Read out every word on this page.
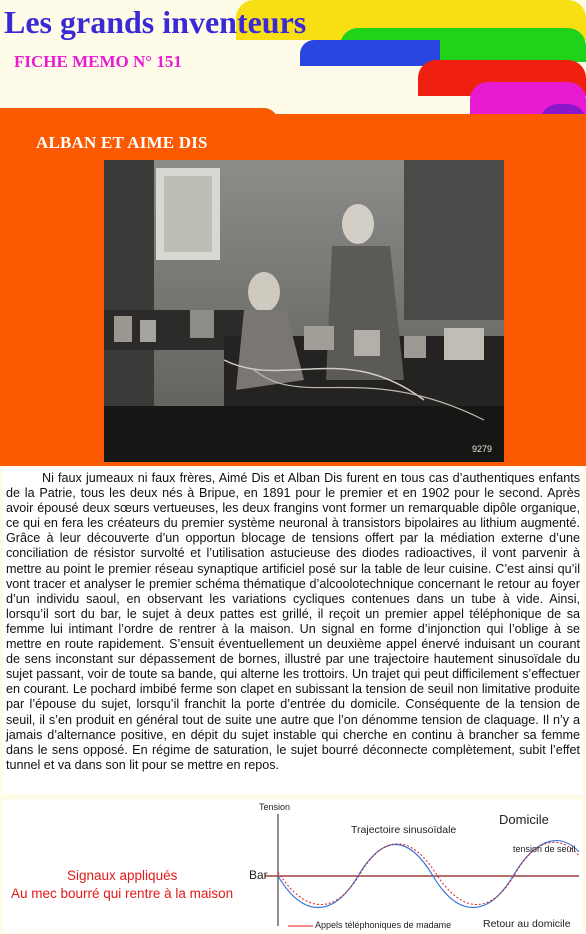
Les grands inventeurs
FICHE MEMO N° 151
ALBAN ET AIME DIS
9279

Ni faux jumeaux ni faux frères, Aimé Dis et Alban Dis furent en tous cas d’authentiques enfants de la Patrie, tous les deux nés à Bripue, en 1891 pour le premier et en 1902 pour le second. Après avoir épousé deux sœurs vertueuses, les deux frangins vont former un remarquable dipôle organique, ce qui en fera les créateurs du premier système neuronal à transistors bipolaires au lithium augmenté. Grâce à leur découverte d’un opportun blocage de tensions offert par la médiation externe d’une conciliation de résistor survolté et l’utilisation astucieuse des diodes radioactives, il vont parvenir à mettre au point le premier réseau synaptique artificiel posé sur la table de leur cuisine. C’est ainsi qu’il vont tracer et analyser le premier schéma thématique d’alcoolotechnique concernant le retour au foyer d’un individu saoul, en observant les variations cycliques contenues dans un tube à vide. Ainsi, lorsqu’il sort du bar, le sujet à deux pattes est grillé, il reçoit un premier appel téléphonique de sa femme lui intimant l’ordre de rentrer à la maison. Un signal en forme d’injonction qui l’oblige à se mettre en route rapidement. S’ensuit éventuellement un deuxième appel énervé induisant un courant de sens inconstant sur dépassement de bornes, illustré par une trajectoire hautement sinusoïdale du sujet passant, voir de toute sa bande, qui alterne les trottoirs. Un trajet qui peut difficilement s’effectuer en courant. Le pochard imbibé ferme son clapet en subissant la tension de seuil non limitative produite par l’épouse du sujet, lorsqu’il franchit la porte d’entrée du domicile. Conséquente de la tension de seuil, il s’en produit en général tout de suite une autre que l’on dénomme tension de claquage. Il n’y a jamais d’alternance positive, en dépit du sujet instable qui cherche en continu à brancher sa femme dans le sens opposé. En régime de saturation, le sujet bourré déconnecte complètement, subit l’effet tunnel et va dans son lit pour se mettre en repos.

Tension
Bar
Trajectoire sinusoïdale
Domicile
tension de seuil
Appels téléphoniques de madame	Retour au domicile
Signaux appliqués
Au mec bourré qui rentre à la maison
